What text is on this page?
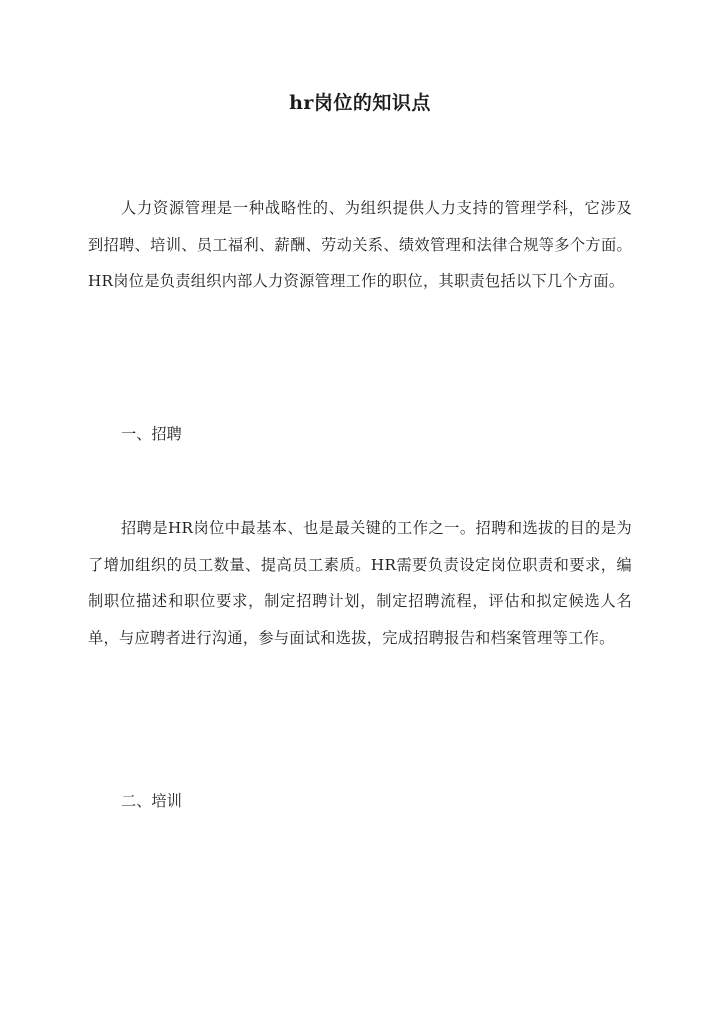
hr岗位的知识点

人力资源管理是一种战略性的、为组织提供人力支持的管理学科，它涉及到招聘、培训、员工福利、薪酬、劳动关系、绩效管理和法律合规等多个方面。HR岗位是负责组织内部人力资源管理工作的职位，其职责包括以下几个方面。

一、招聘

招聘是HR岗位中最基本、也是最关键的工作之一。招聘和选拔的目的是为了增加组织的员工数量、提高员工素质。HR需要负责设定岗位职责和要求，编制职位描述和职位要求，制定招聘计划，制定招聘流程，评估和拟定候选人名单，与应聘者进行沟通，参与面试和选拔，完成招聘报告和档案管理等工作。

二、培训
